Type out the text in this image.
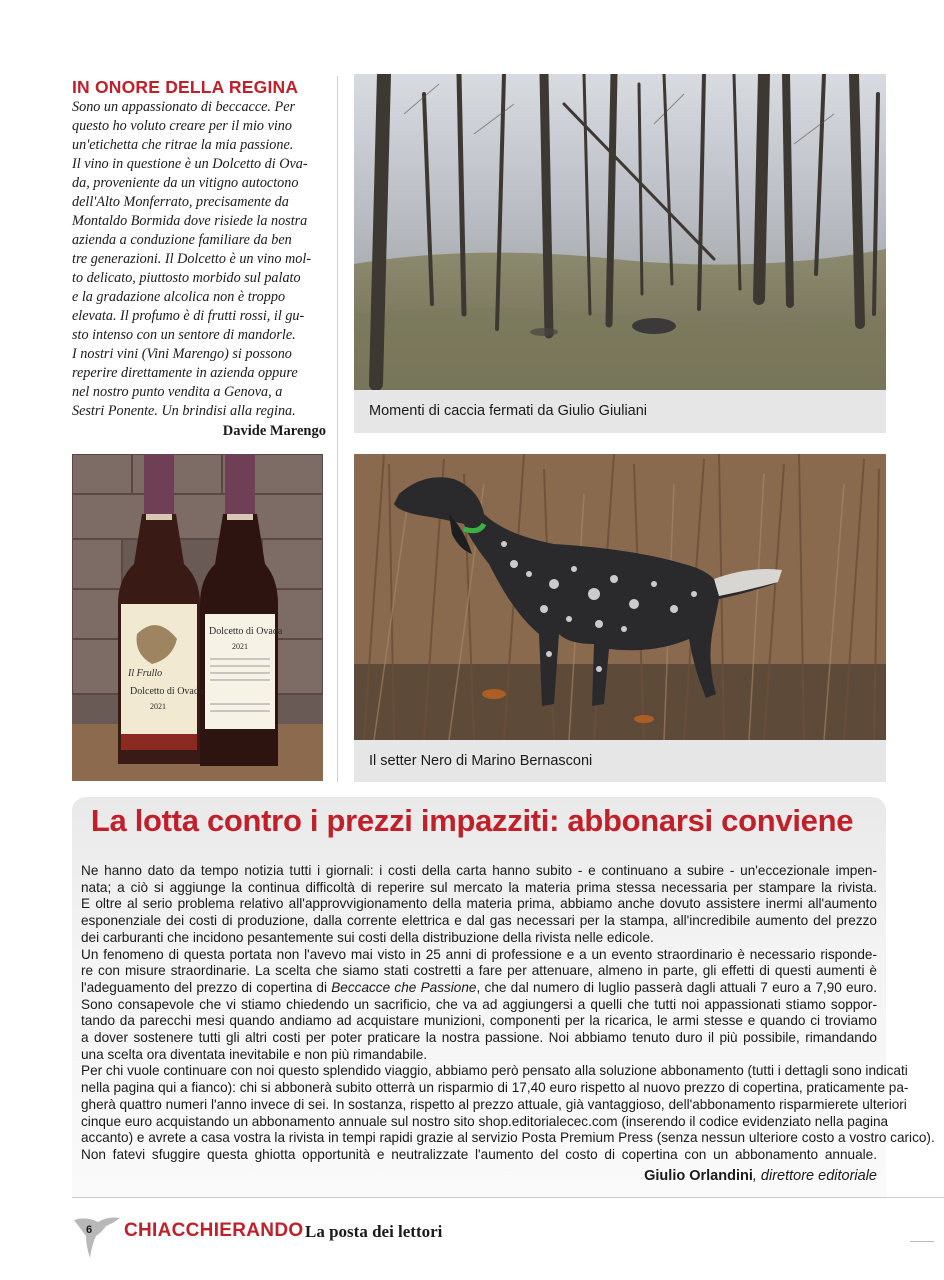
IN ONORE DELLA REGINA
Sono un appassionato di beccacce. Per
questo ho voluto creare per il mio vino
un'etichetta che ritrae la mia passione.
Il vino in questione è un Dolcetto di Ova-
da, proveniente da un vitigno autoctono
dell'Alto Monferrato, precisamente da
Montaldo Bormida dove risiede la nostra
azienda a conduzione familiare da ben
tre generazioni. Il Dolcetto è un vino mol-
to delicato, piuttosto morbido sul palato
e la gradazione alcolica non è troppo
elevata. Il profumo è di frutti rossi, il gu-
sto intenso con un sentore di mandorle.
I nostri vini (Vini Marengo) si possono
reperire direttamente in azienda oppure
nel nostro punto vendita a Genova, a
Sestri Ponente. Un brindisi alla regina.
Davide Marengo
Momenti di caccia fermati da Giulio Giuliani
Il Frullo
Dolcetto di Ovada
2021
Dolcetto di Ovada
2021
Il setter Nero di Marino Bernasconi
La lotta contro i prezzi impazziti: abbonarsi conviene
Ne hanno dato da tempo notizia tutti i giornali: i costi della carta hanno subito - e continuano a subire - un'eccezionale impen-
nata; a ciò si aggiunge la continua difficoltà di reperire sul mercato la materia prima stessa necessaria per stampare la rivista.
E oltre al serio problema relativo all'approvvigionamento della materia prima, abbiamo anche dovuto assistere inermi all'aumento
esponenziale dei costi di produzione, dalla corrente elettrica e dal gas necessari per la stampa, all'incredibile aumento del prezzo
dei carburanti che incidono pesantemente sui costi della distribuzione della rivista nelle edicole.
Un fenomeno di questa portata non l'avevo mai visto in 25 anni di professione e a un evento straordinario è necessario risponde-
re con misure straordinarie. La scelta che siamo stati costretti a fare per attenuare, almeno in parte, gli effetti di questi aumenti è
l'adeguamento del prezzo di copertina di Beccacce che Passione, che dal numero di luglio passerà dagli attuali 7 euro a 7,90 euro.
Sono consapevole che vi stiamo chiedendo un sacrificio, che va ad aggiungersi a quelli che tutti noi appassionati stiamo soppor-
tando da parecchi mesi quando andiamo ad acquistare munizioni, componenti per la ricarica, le armi stesse e quando ci troviamo
a dover sostenere tutti gli altri costi per poter praticare la nostra passione. Noi abbiamo tenuto duro il più possibile, rimandando
una scelta ora diventata inevitabile e non più rimandabile.
Per chi vuole continuare con noi questo splendido viaggio, abbiamo però pensato alla soluzione abbonamento (tutti i dettagli sono indicati
nella pagina qui a fianco): chi si abbonerà subito otterrà un risparmio di 17,40 euro rispetto al nuovo prezzo di copertina, praticamente pa-
gherà quattro numeri l'anno invece di sei. In sostanza, rispetto al prezzo attuale, già vantaggioso, dell'abbonamento risparmierete ulteriori
cinque euro acquistando un abbonamento annuale sul nostro sito shop.editorialecec.com (inserendo il codice evidenziato nella pagina
accanto) e avrete a casa vostra la rivista in tempi rapidi grazie al servizio Posta Premium Press (senza nessun ulteriore costo a vostro carico).
Non fatevi sfuggire questa ghiotta opportunità e neutralizzate l'aumento del costo di copertina con un abbonamento annuale.
Giulio Orlandini, direttore editoriale
6 CHIACCHIERANDO La posta dei lettori
